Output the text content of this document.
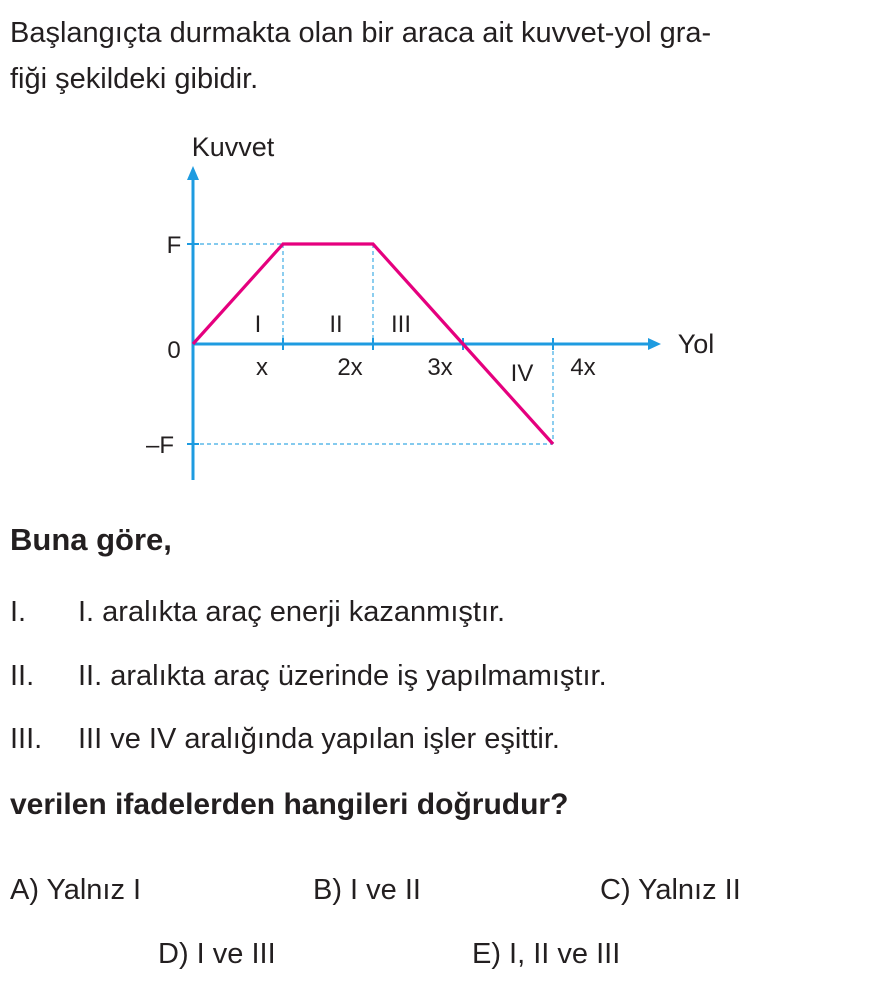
Başlangıçta durmakta olan bir araca ait kuvvet-yol gra-
fiği şekildeki gibidir.
Kuvvet
Yol
F
0
–F
x	2x	3x	4x
I	II III
IV
Buna göre,
I. I. aralıkta araç enerji kazanmıştır.
II. II. aralıkta araç üzerinde iş yapılmamıştır.
III. III ve IV aralığında yapılan işler eşittir.
verilen ifadelerden hangileri doğrudur?
A) Yalnız I	B) I ve II	C) Yalnız II
D) I ve III	E) I, II ve III
